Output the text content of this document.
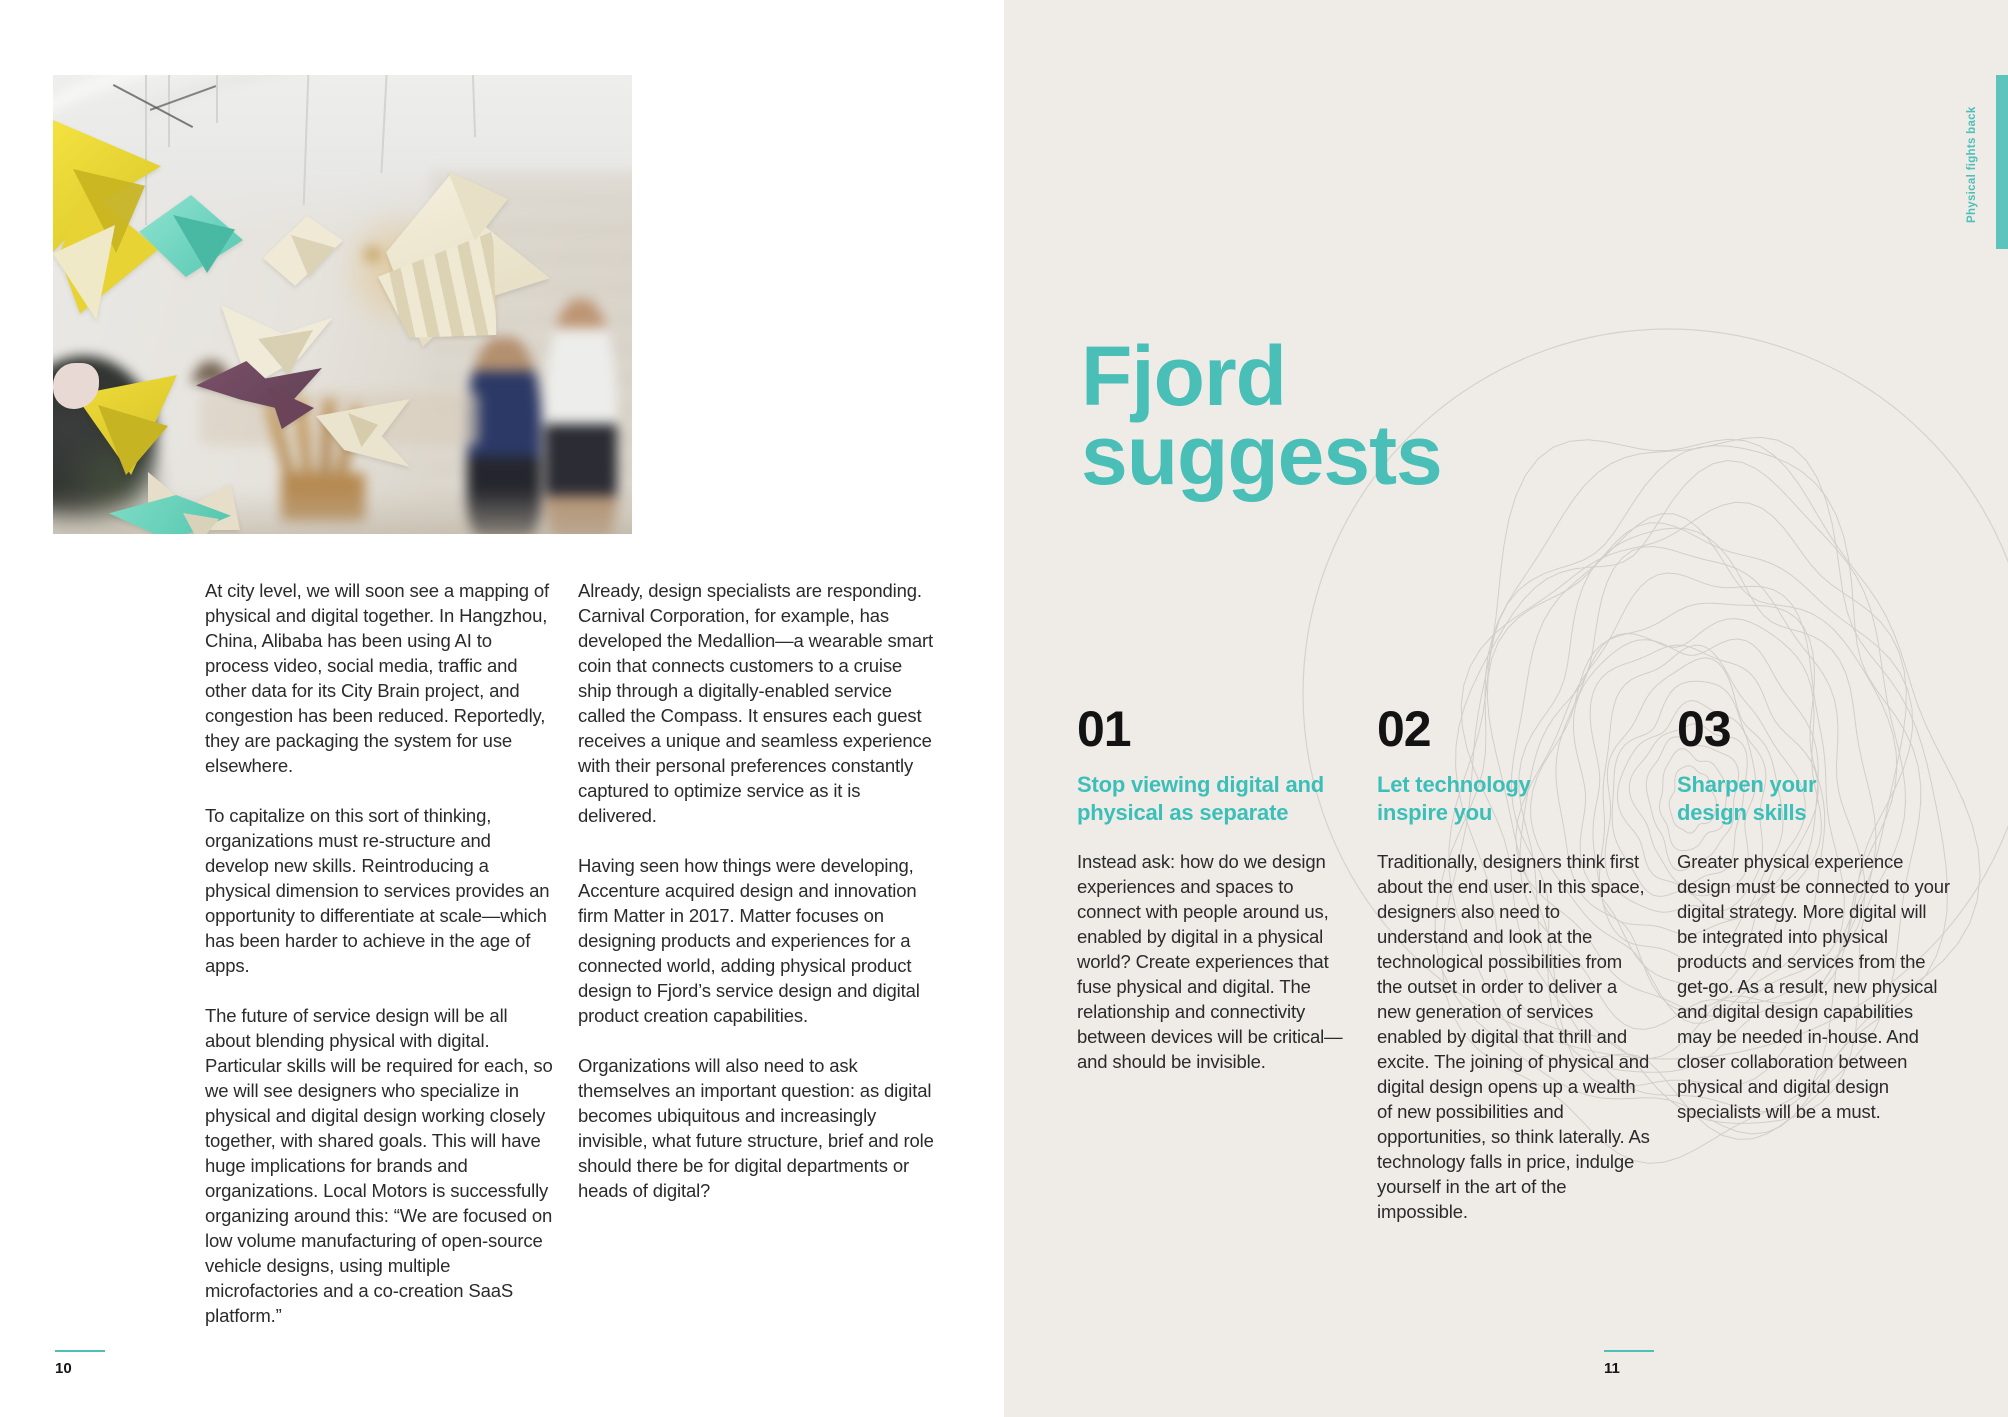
At city level, we will soon see a mapping of physical and digital together. In Hangzhou, China, Alibaba has been using AI to process video, social media, traffic and other data for its City Brain project, and congestion has been reduced. Reportedly, they are packaging the system for use elsewhere.

To capitalize on this sort of thinking, organizations must re-structure and develop new skills. Reintroducing a physical dimension to services provides an opportunity to differentiate at scale—which has been harder to achieve in the age of apps.

The future of service design will be all about blending physical with digital. Particular skills will be required for each, so we will see designers who specialize in physical and digital design working closely together, with shared goals. This will have huge implications for brands and organizations. Local Motors is successfully organizing around this: “We are focused on low volume manufacturing of open-source vehicle designs, using multiple microfactories and a co-creation SaaS platform.”

Already, design specialists are responding. Carnival Corporation, for example, has developed the Medallion—a wearable smart coin that connects customers to a cruise ship through a digitally-enabled service called the Compass. It ensures each guest receives a unique and seamless experience with their personal preferences constantly captured to optimize service as it is delivered.

Having seen how things were developing, Accenture acquired design and innovation firm Matter in 2017. Matter focuses on designing products and experiences for a connected world, adding physical product design to Fjord’s service design and digital product creation capabilities.

Organizations will also need to ask themselves an important question: as digital becomes ubiquitous and increasingly invisible, what future structure, brief and role should there be for digital departments or heads of digital?

10
Fjord
suggests
01
Stop viewing digital and
physical as separate
Instead ask: how do we design experiences and spaces to connect with people around us, enabled by digital in a physical world? Create experiences that fuse physical and digital. The relationship and connectivity between devices will be critical—and should be invisible.
02
Let technology
inspire you
Traditionally, designers think first about the end user. In this space, designers also need to understand and look at the technological possibilities from the outset in order to deliver a new generation of services enabled by digital that thrill and excite. The joining of physical and digital design opens up a wealth of new possibilities and opportunities, so think laterally. As technology falls in price, indulge yourself in the art of the impossible.
03
Sharpen your
design skills
Greater physical experience design must be connected to your digital strategy. More digital will be integrated into physical products and services from the get-go. As a result, new physical and digital design capabilities may be needed in-house. And closer collaboration between physical and digital design specialists will be a must.
Physical fights back
11
